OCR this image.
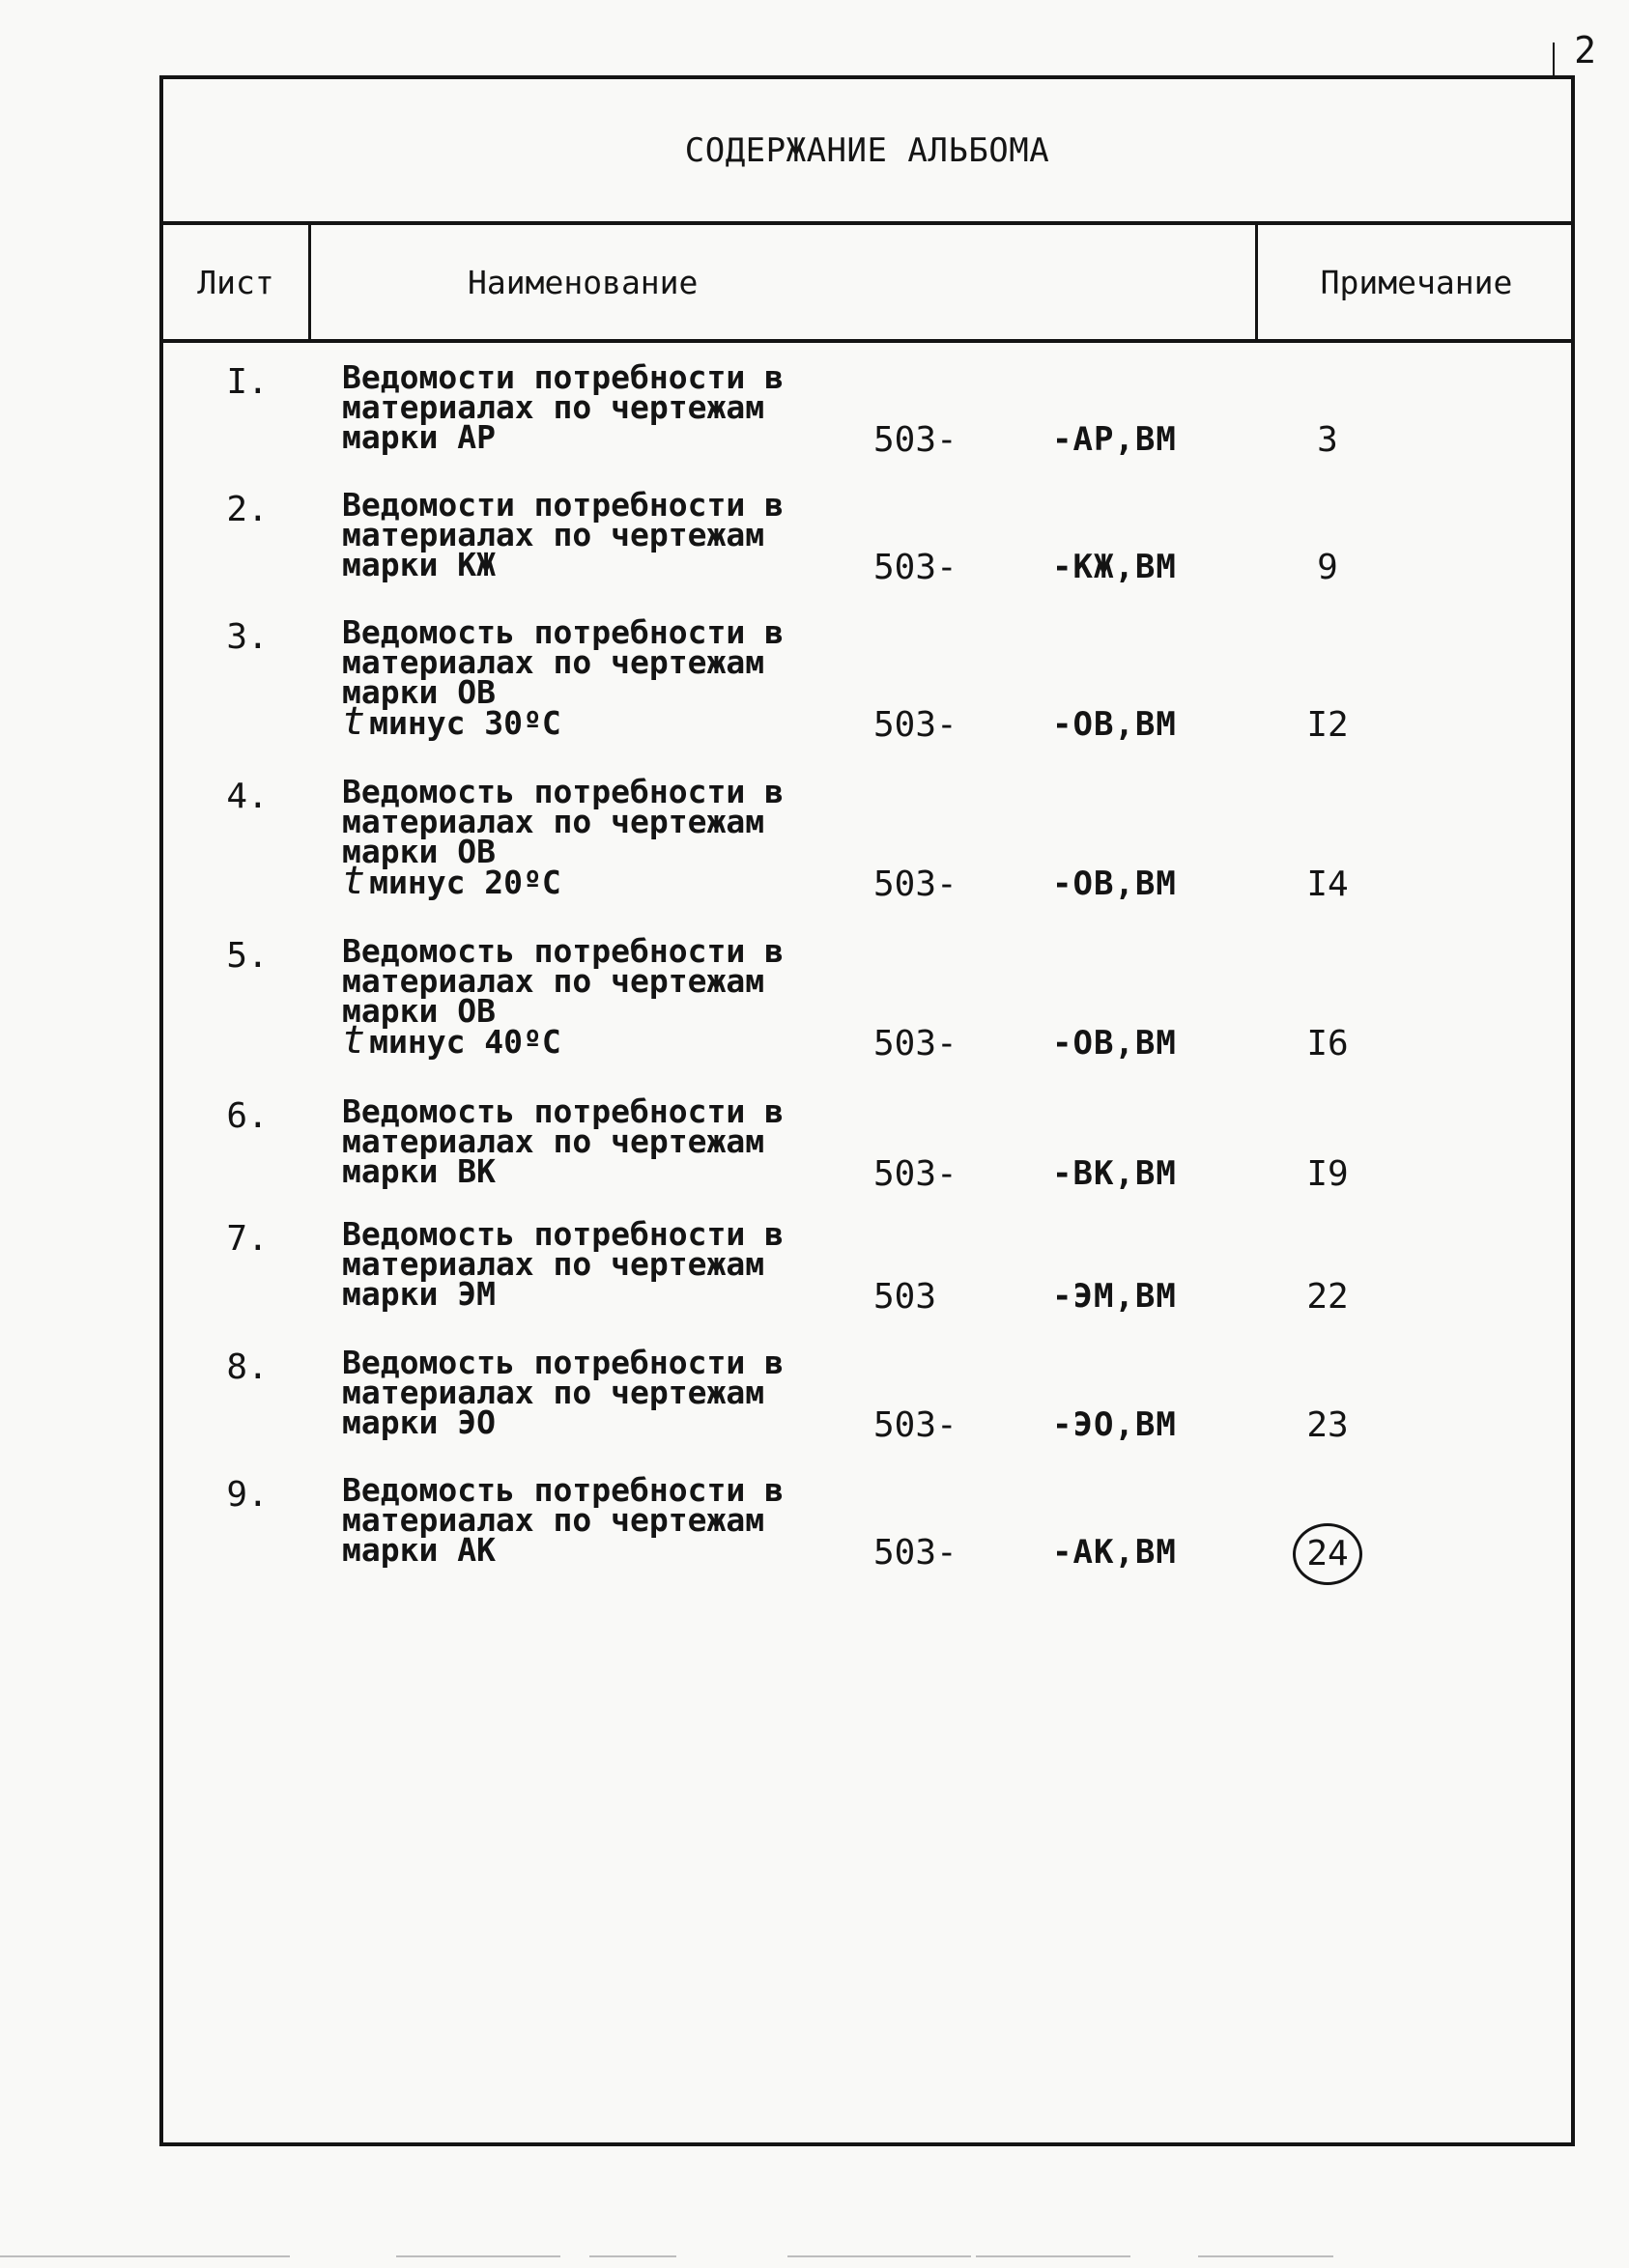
2
СОДЕРЖАНИЕ АЛЬБОМА
Лист	Наименование	Примечание
I.	Ведомости потребности в
материалах по чертежам
марки АР	503-	-АР,ВМ	3
2.	Ведомости потребности в
материалах по чертежам
марки КЖ	503-	-КЖ,ВМ	9
3.	Ведомость потребности в
материалах по чертежам
марки ОВ
t минус 30ºС	503-	-ОВ,ВМ	I2
4.	Ведомость потребности в
материалах по чертежам
марки ОВ
t минус 20ºС	503-	-ОВ,ВМ	I4
5.	Ведомость потребности в
материалах по чертежам
марки ОВ
t минус 40ºС	503-	-ОВ,ВМ	I6
6.	Ведомость потребности в
материалах по чертежам
марки ВК	503-	-ВК,ВМ	I9
7.	Ведомость потребности в
материалах по чертежам
марки ЭМ	503	-ЭМ,ВМ	22
8.	Ведомость потребности в
материалах по чертежам
марки ЭО	503-	-ЭО,ВМ	23
9.	Ведомость потребности в
материалах по чертежам
марки АК	503-	-АК,ВМ	24
